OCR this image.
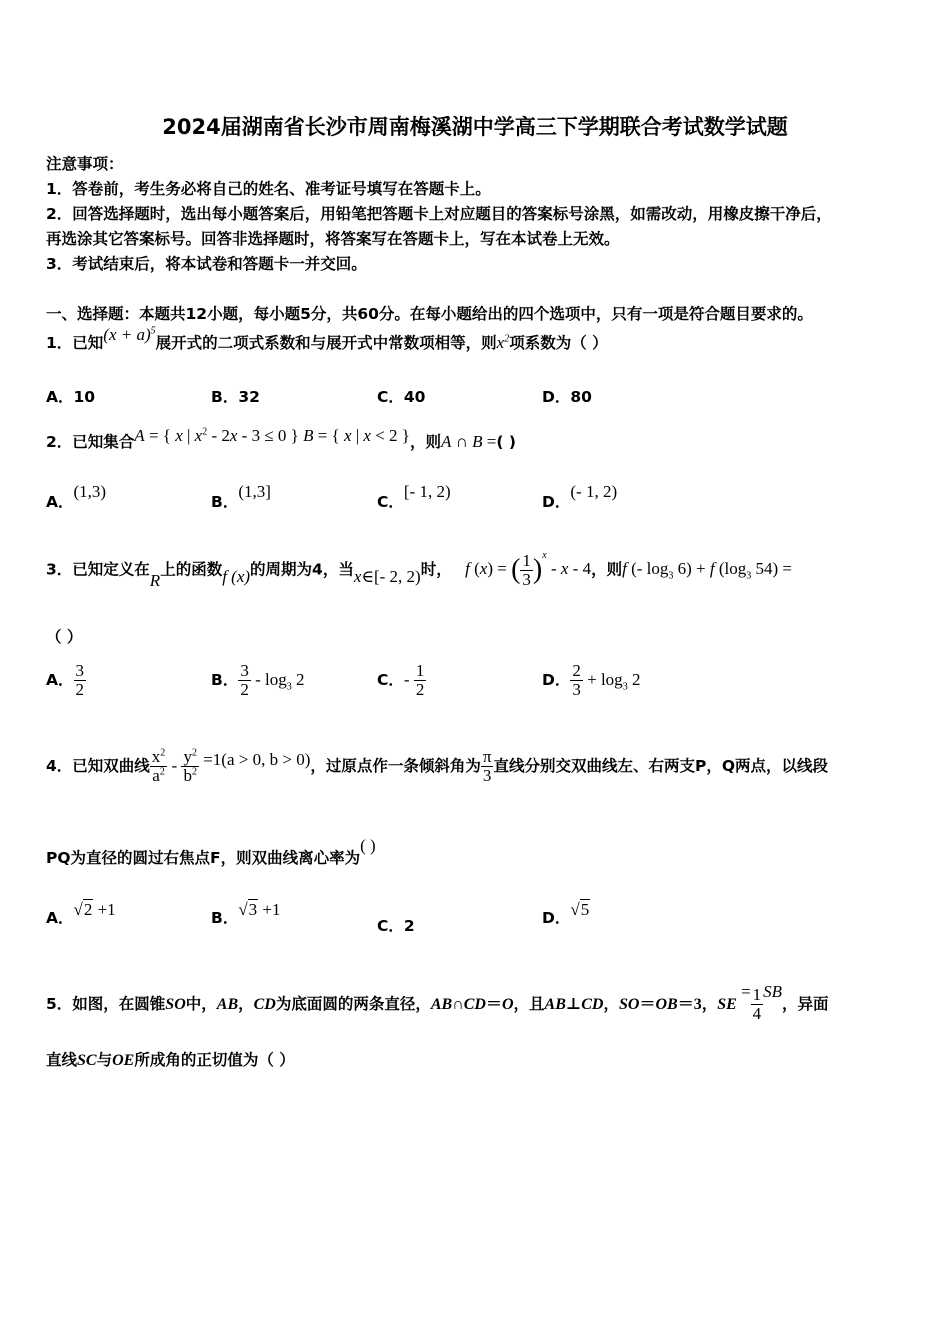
2024届湖南省长沙市周南梅溪湖中学高三下学期联合考试数学试题
注意事项：
1．答卷前，考生务必将自己的姓名、准考证号填写在答题卡上。
2．回答选择题时，选出每小题答案后，用铅笔把答题卡上对应题目的答案标号涂黑，如需改动，用橡皮擦干净后，
再选涂其它答案标号。回答非选择题时，将答案写在答题卡上，写在本试卷上无效。
3．考试结束后，将本试卷和答题卡一并交回。
一、选择题：本题共12小题，每小题5分，共60分。在每小题给出的四个选项中，只有一项是符合题目要求的。
1．已知$(x + a)^5$展开式的二项式系数和与展开式中常数项相等，则$x^2$项系数为（ ）
A．10	B．32	C．40	D．80
2．已知集合A = { x | $x^2 - 2x - 3 \le 0$ } B = { x | x < 2 }，则A ∩ B =( )
A．(1,3)
B．(1,3]
C．[- 1, 2)
D．(- 1, 2)
3．已知定义在R上的函数f (x)的周期为4，当x∈[- 2, 2)时， f (x) = ( $\frac{1}{3} )^x$ - x - 4，则f (- $\log_3 6) + f$ ($\log_3$ 54) =
（ ）
A． $\frac{3}{2}$	B． $\frac{3}{2} - \log_3 2$	C．- $\frac{1}{2}$	D． $\frac{2}{3} + \log_3 2$
4．已知双曲线 $\frac{x^2}{a^2} - \frac{y^2}{b^2} =1(a > 0$, b > 0)，过原点作一条倾斜角为 $\frac{\pi}{3}$ 直线分别交双曲线左、右两支P，Q两点，以线段
PQ为直径的圆过右焦点F，则双曲线离心率为( )
A．√2 +1	B．√3 +1
C．2	D．√5
5．如图，在圆锥SO中，AB，CD为底面圆的两条直径，AB∩CD＝O，且AB⊥CD，SO＝OB＝3，SE = $\frac{1}{4}$ SB，异面
直线SC与OE所成角的正切值为（ ）
